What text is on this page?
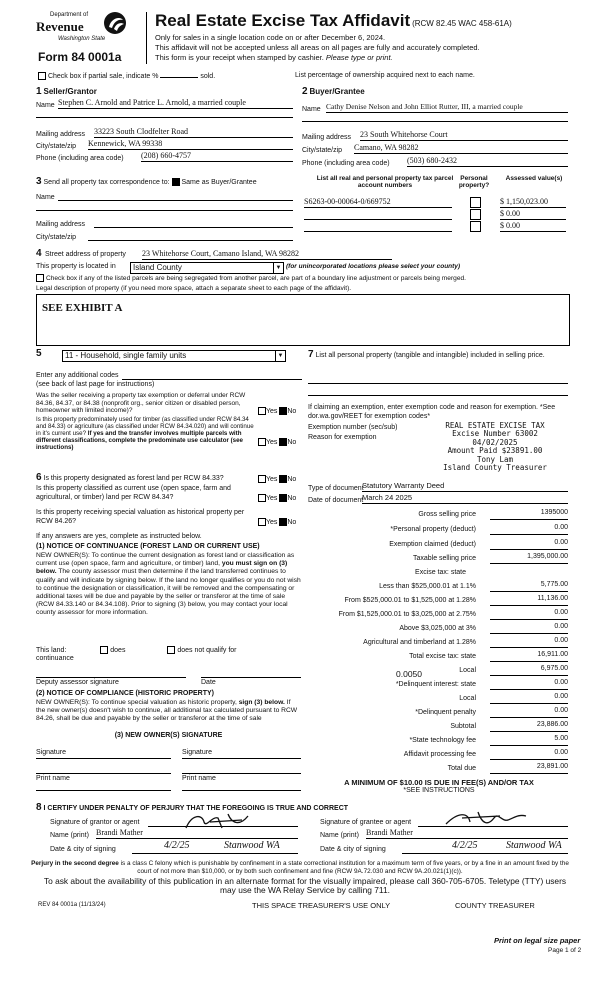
Department of
Revenue
Washington State
Form 84 0001a
Real Estate Excise Tax Affidavit (RCW 82.45 WAC 458-61A)
Only for sales in a single location code on or after December 6, 2024.
This affidavit will not be accepted unless all areas on all pages are fully and accurately completed.
This form is your receipt when stamped by cashier. Please type or print.
Check box if partial sale, indicate %	sold.	List percentage of ownership acquired next to each name.
1 Seller/Grantor
Name Stephen C. Arnold and Patrice L. Arnold, a married couple
Mailing address 33223 South Clodfelter Road
City/state/zip Kennewick, WA 99338
Phone (including area code) (208) 660-4757
2 Buyer/Grantee
Name Cathy Denise Nelson and John Elliot Rutter, III, a married couple
Mailing address 23 South Whitehorse Court
City/state/zip Camano, WA 98282
Phone (including area code) (503) 680-2432
3 Send all property tax correspondence to: Same as Buyer/Grantee
Name
Mailing address
City/state/zip
List all real and personal property tax parcel account numbers
Personal property?
Assessed value(s)
S6263-00-00064-0/669752	$ 1,150,023.00
$ 0.00
$ 0.00
4 Street address of property 23 Whitehorse Court, Camano Island, WA 98282
This property is located in Island County	▼ (for unincorporated locations please select your county)
Check box if any of the listed parcels are being segregated from another parcel, are part of a boundary line adjustment or parcels being merged.
Legal description of property (if you need more space, attach a separate sheet to each page of the affidavit).
SEE EXHIBIT A
5	11 - Household, single family units	▼
Enter any additional codes
(see back of last page for instructions)
Was the seller receiving a property tax exemption or deferral under RCW 84.36, 84.37, or 84.38 (nonprofit org., senior citizen or disabled person, homeowner with limited income)?	Yes No
Is this property predominately used for timber (as classified under RCW 84.34 and 84.33) or agriculture (as classified under RCW 84.34.020) and will continue in it's current use? If yes and the transfer involves multiple parcels with different classifications, complete the predominate use calculator (see instructions)
Yes No
6 Is this property designated as forest land per RCW 84.33?	Yes No
Is this property classified as current use (open space, farm and agricultural, or timber) land per RCW 84.34?	Yes No
Is this property receiving special valuation as historical property per RCW 84.26?	Yes No
If any answers are yes, complete as instructed below.
(1) NOTICE OF CONTINUANCE (FOREST LAND OR CURRENT USE)
NEW OWNER(S): To continue the current designation as forest land or classification as current use (open space, farm and agriculture, or timber) land, you must sign on (3) below. The county assessor must then determine if the land transferred continues to qualify and will indicate by signing below. If the land no longer qualifies or you do not wish to continue the designation or classification, it will be removed and the compensating or additional taxes will be due and payable by the seller or transferor at the time of sale (RCW 84.33.140 or 84.34.108). Prior to signing (3) below, you may contact your local county assessor for more information.
This land:	does	does not qualify for
continuance
Deputy assessor signature	Date
(2) NOTICE OF COMPLIANCE (HISTORIC PROPERTY)
NEW OWNER(S): To continue special valuation as historic property, sign (3) below. If the new owner(s) doesn't wish to continue, all additional tax calculated pursuant to RCW 84.26, shall be due and payable by the seller or transferor at the time of sale
(3) NEW OWNER(S) SIGNATURE
Signature	Signature
Print name	Print name
7 List all personal property (tangible and intangible) included in selling price.
If claiming an exemption, enter exemption code and reason for exemption. *See dor.wa.gov/REET for exemption codes*
Exemption number (sec/sub)
Reason for exemption
REAL ESTATE EXCISE TAX
Excise Number 63002
04/02/2025
Amount Paid $23891.00
Tony Lam
Island County Treasurer
Type of document
Statutory Warranty Deed
Date of document
March 24 2025
Gross selling price	1395000
*Personal property (deduct)	0.00
Exemption claimed (deduct)	0.00
Taxable selling price	1,395,000.00
Excise tax: state
Less than $525,000.01 at 1.1%	5,775.00
From $525,000.01 to $1,525,000 at 1.28%	11,136.00
From $1,525,000.01 to $3,025,000 at 2.75%	0.00
Above $3,025,000 at 3%	0.00
Agricultural and timberland at 1.28%	0.00
Total excise tax: state	16,911.00
0.0050	Local	6,975.00
*Delinquent interest: state	0.00
Local	0.00
*Delinquent penalty	0.00
Subtotal	23,886.00
*State technology fee	5.00
Affidavit processing fee	0.00
Total due	23,891.00
A MINIMUM OF $10.00 IS DUE IN FEE(S) AND/OR TAX
*SEE INSTRUCTIONS
8 I CERTIFY UNDER PENALTY OF PERJURY THAT THE FOREGOING IS TRUE AND CORRECT
Signature of grantor or agent
Name (print) Brandi Mather
Date & city of signing	4/2/25	Stanwood WA
Signature of grantee or agent
Name (print) Brandi Mather
Date & city of signing	4/2/25	Stanwood WA
Perjury in the second degree is a class C felony which is punishable by confinement in a state correctional institution for a maximum term of five years, or by a fine in an amount fixed by the court of not more than $10,000, or by both such confinement and fine (RCW 9A.72.030 and RCW 9A.20.021(1)(c)).
To ask about the availability of this publication in an alternate format for the visually impaired, please call 360-705-6705. Teletype (TTY) users may use the WA Relay Service by calling 711.
REV 84 0001a (11/13/24)	THIS SPACE TREASURER'S USE ONLY	COUNTY TREASURER
Print on legal size paper
Page 1 of 2
